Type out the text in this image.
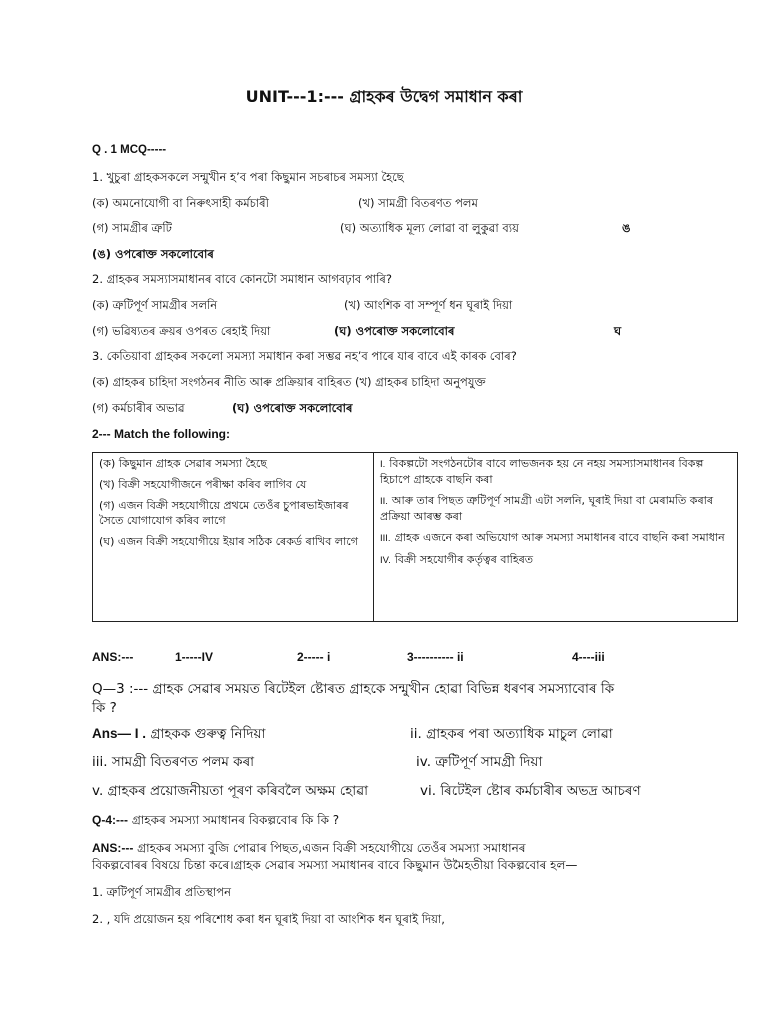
UNIT---1:--- গ্ৰাহকৰ উদ্বেগ সমাধান কৰা
Q . 1 MCQ-----
1. খুচুৰা গ্ৰাহকসকলে সন্মুখীন হ’ব পৰা কিছুমান সচৰাচৰ সমস্যা হৈছে
(ক) অমনোযোগী বা নিৰুৎসাহী কৰ্মচাৰী	(খ) সামগ্ৰী বিতৰণত পলম
(গ) সামগ্ৰীৰ ত্ৰুটি	(ঘ) অত্যাধিক মূল্য লোৱা বা লুকুৱা ব্যয়	ঙ
(ঙ) ওপৰোক্ত সকলোবোৰ
2. গ্ৰাহকৰ সমস্যাসমাধানৰ বাবে কোনটো সমাধান আগবঢ়াব পাৰি?
(ক) ত্ৰুটিপূৰ্ণ সামগ্ৰীৰ সলনি	(খ) আংশিক বা সম্পূৰ্ণ ধন ঘূৰাই দিয়া
(গ) ভৱিষ্যতৰ ক্ৰয়ৰ ওপৰত ৰেহাই দিয়া	(ঘ) ওপৰোক্ত সকলোবোৰ	ঘ
3. কেতিয়াবা গ্ৰাহকৰ সকলো সমস্যা সমাধান কৰা সম্ভৱ নহ’ব পাৰে যাৰ বাবে এই কাৰক বোৰ?
(ক) গ্ৰাহকৰ চাহিদা সংগঠনৰ নীতি আৰু প্ৰক্ৰিয়াৰ বাহিৰত (খ) গ্ৰাহকৰ চাহিদা অনুপযুক্ত
(গ) কৰ্মচাৰীৰ অভাৱ	(ঘ) ওপৰোক্ত সকলোবোৰ
2--- Match the following:
(ক) কিছুমান গ্ৰাহক সেৱাৰ সমস্যা হৈছে
(খ) বিক্ৰী সহযোগীজনে পৰীক্ষা কৰিব লাগিব যে
(গ) এজন বিক্ৰী সহযোগীয়ে প্ৰথমে তেওঁৰ চুপাৰভাইজাৰৰ সৈতে যোগাযোগ কৰিব লাগে
(ঘ) এজন বিক্ৰী সহযোগীয়ে ইয়াৰ সঠিক ৰেকৰ্ড ৰাখিব লাগে

I. বিকল্পটো সংগঠনটোৰ বাবে লাভজনক হয় নে নহয় সমস্যাসমাধানৰ বিকল্প হিচাপে গ্ৰাহকে বাছনি কৰা
II. আৰু তাৰ পিছত ত্ৰুটিপূৰ্ণ সামগ্ৰী এটা সলনি, ঘূৰাই দিয়া বা মেৰামতি কৰাৰ প্ৰক্ৰিয়া আৰম্ভ কৰা
III. গ্ৰাহক এজনে কৰা অভিযোগ আৰু সমস্যা সমাধানৰ বাবে বাছনি কৰা সমাধান
IV. বিক্ৰী সহযোগীৰ কৰ্তৃত্বৰ বাহিৰত
ANS:---	1-----IV	2----- i	3---------- ii	4----iii
Q—3 :--- গ্ৰাহক সেৱাৰ সময়ত ৰিটেইল ষ্টোৰত গ্ৰাহকে সন্মুখীন হোৱা বিভিন্ন ধৰণৰ সমস্যাবোৰ কি
কি ?
Ans— I . গ্ৰাহকক গুৰুত্ব নিদিয়া	ii. গ্ৰাহকৰ পৰা অত্যাধিক মাচুল লোৱা
iii. সামগ্ৰী বিতৰণত পলম কৰা	iv. ত্ৰুটিপূৰ্ণ সামগ্ৰী দিয়া
v. গ্ৰাহকৰ প্ৰয়োজনীয়তা পূৰণ কৰিবলৈ অক্ষম হোৱা	vi. ৰিটেইল ষ্টোৰ কৰ্মচাৰীৰ অভদ্ৰ আচৰণ
Q-4:--- গ্ৰাহকৰ সমস্যা সমাধানৰ বিকল্পবোৰ কি কি ?
ANS:--- গ্ৰাহকৰ সমস্যা বুজি পোৱাৰ পিছত,এজন বিক্ৰী সহযোগীয়ে তেওঁৰ সমস্যা সমাধানৰ
বিকল্পবোৰৰ বিষয়ে চিন্তা কৰে।গ্ৰাহক সেৱাৰ সমস্যা সমাধানৰ বাবে কিছুমান উমৈহতীয়া বিকল্পবোৰ হল—
1. ত্ৰুটিপূৰ্ণ সামগ্ৰীৰ প্ৰতিস্থাপন
2. , যদি প্ৰয়োজন হয় পৰিশোধ কৰা ধন ঘূৰাই দিয়া বা আংশিক ধন ঘূৰাই দিয়া,
